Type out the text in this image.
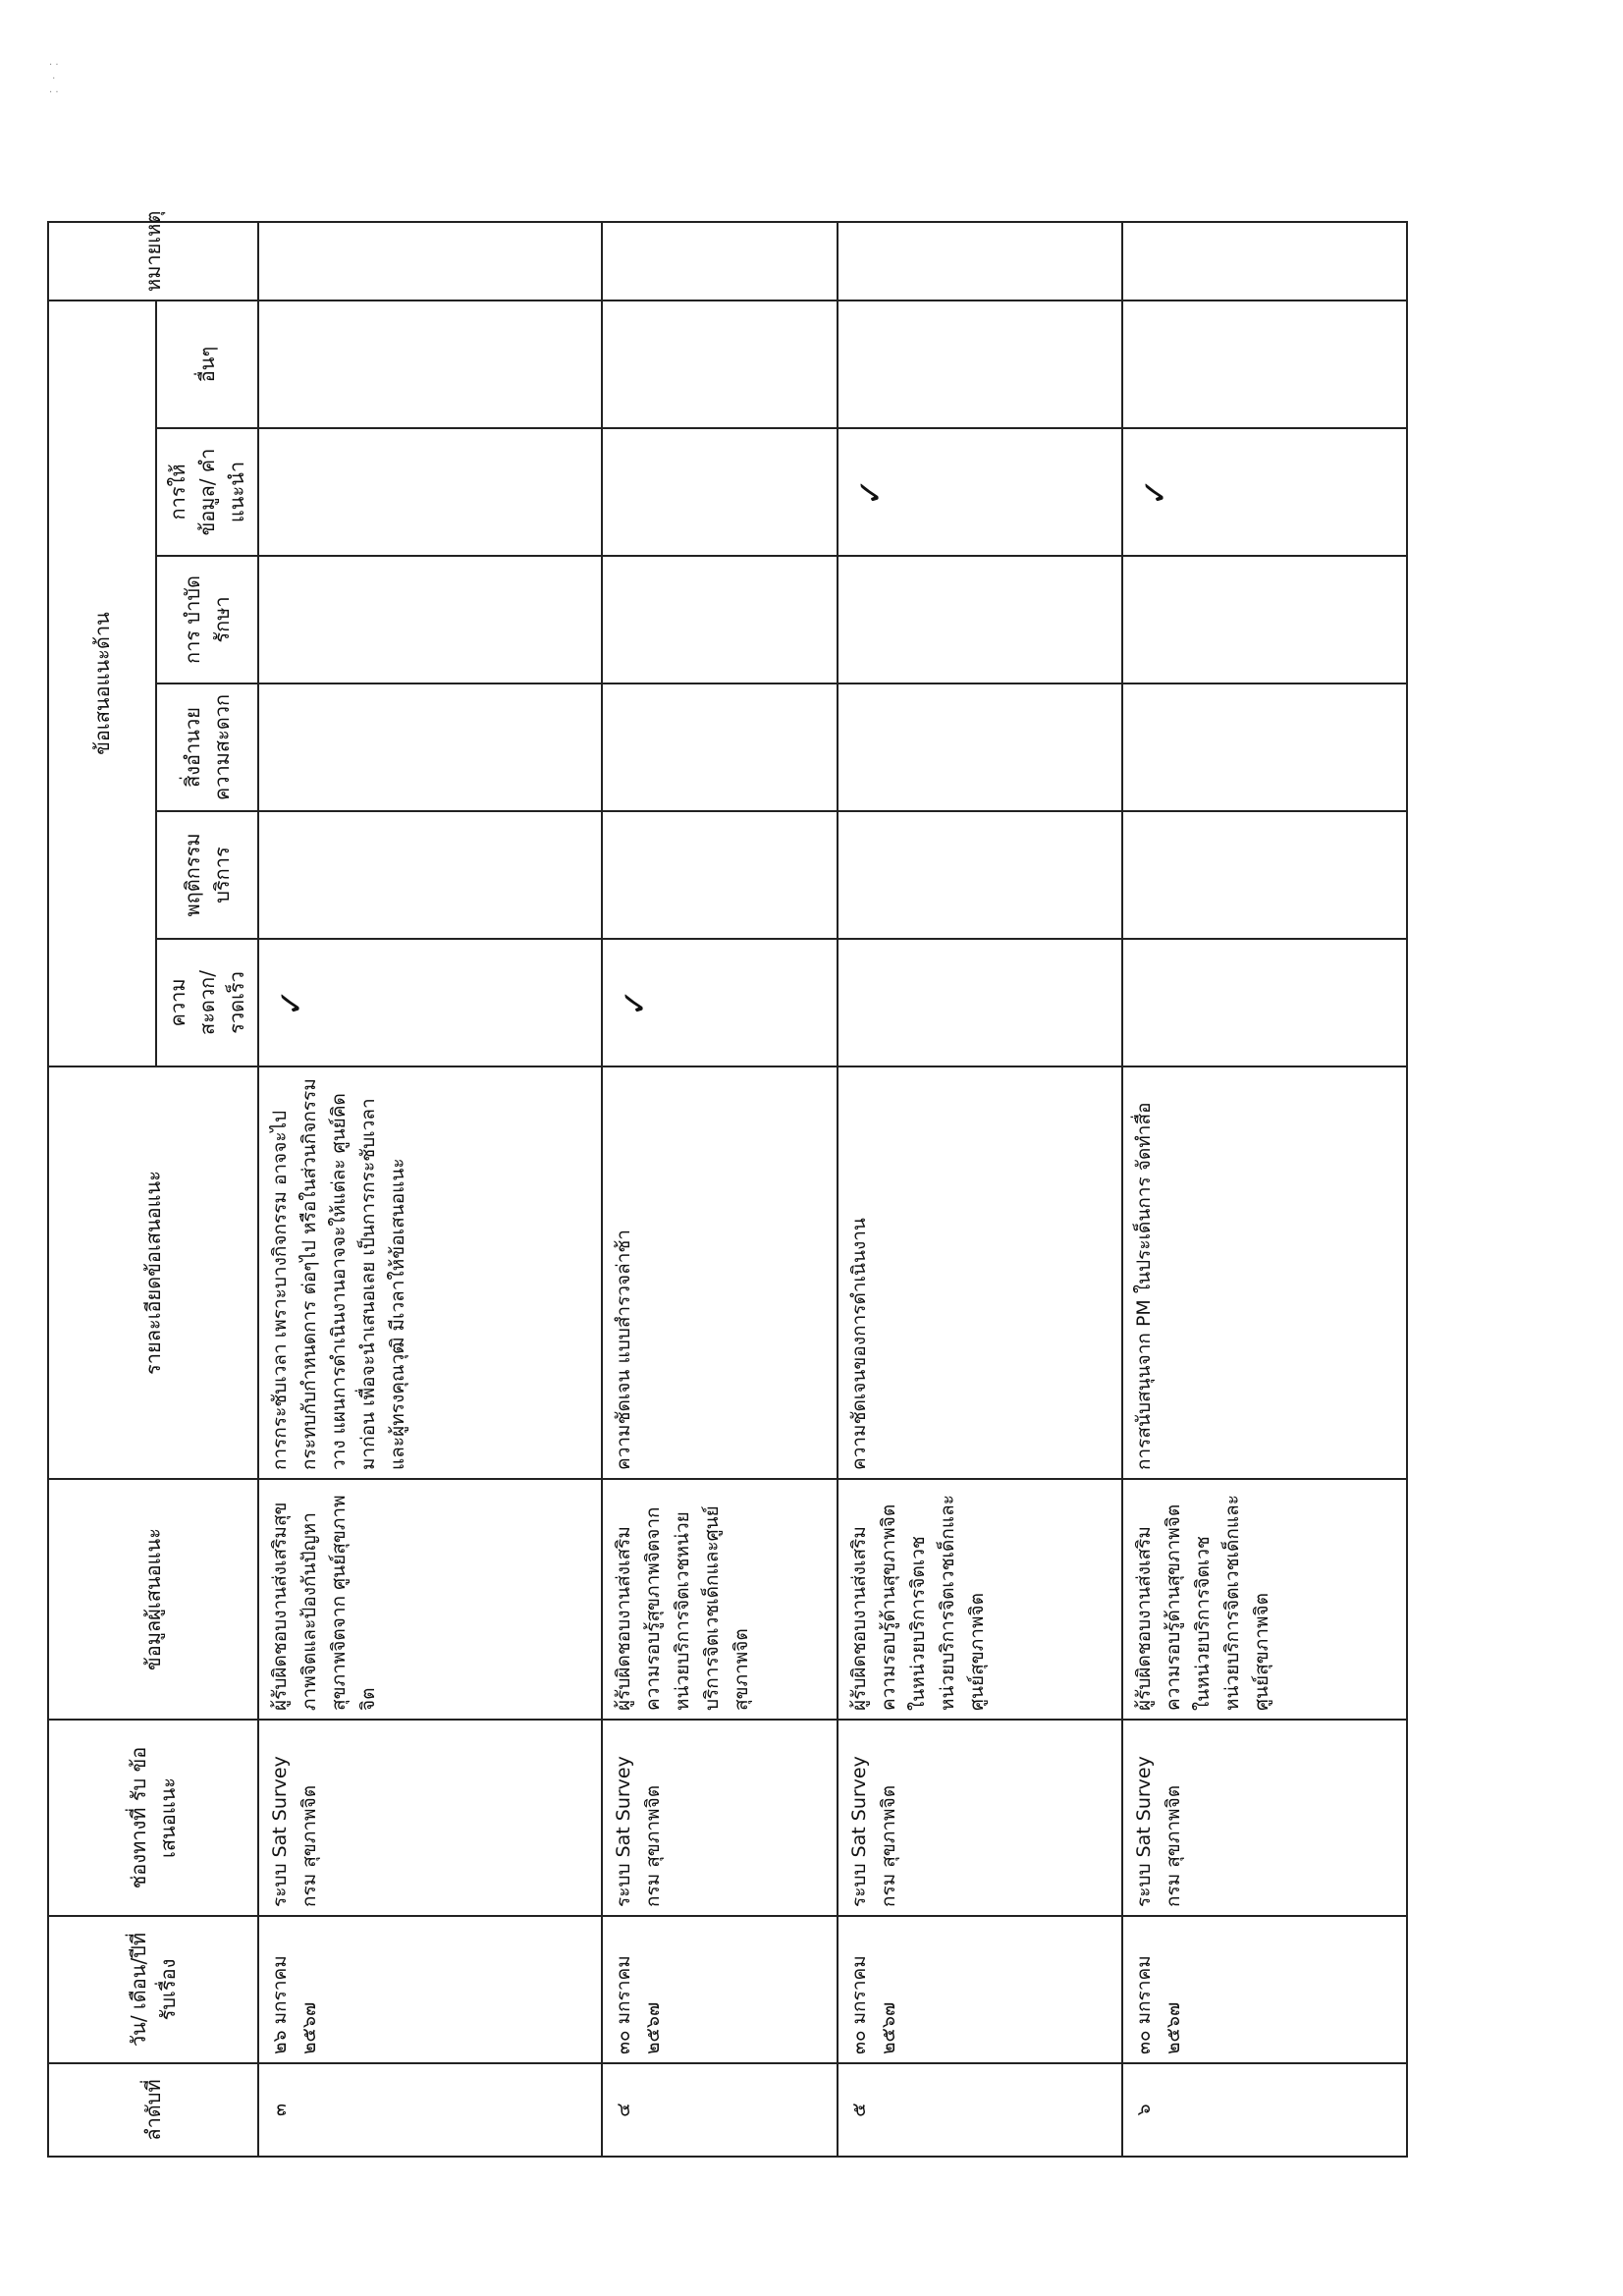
· ·
·
· ·
ลำดับที่	วัน/ เดือน/ปีที่ รับเรื่อง	ช่องทางที่ รับ ข้อเสนอแนะ	ข้อมูลผู้เสนอแนะ	รายละเอียดข้อเสนอแนะ	ข้อเสนอแนะด้าน						หมายเหตุ
					ความ สะดวก/ รวดเร็ว	พฤติกรรม บริการ	สิ่งอำนวย ความสะดวก	การ บำบัดรักษา	การให้ ข้อมูล/ คำแนะนำ	อื่นๆ	
๓	๒๖ มกราคม ๒๕๖๗	ระบบ Sat Survey กรม สุขภาพจิต	ผู้รับผิดชอบงานส่งเสริมสุขภาพจิตและป้องกันปัญหาสุขภาพจิตจาก ศูนย์สุขภาพจิต	การกระชับเวลา เพราะบางกิจกรรม อาจจะไปกระทบกับกำหนดการ ต่อๆไป หรือในส่วนกิจกรรมวาง แผนการดำเนินงานอาจจะให้แต่ละ ศูนย์คิดมาก่อน เพื่อจะนำเสนอเลย เป็นการกระชับเวลาและผู้ทรงคุณวุฒิ มีเวลาให้ข้อเสนอแนะ	✓						
๔	๓๐ มกราคม ๒๕๖๗	ระบบ Sat Survey กรม สุขภาพจิต	ผู้รับผิดชอบงานส่งเสริมความรอบรู้สุขภาพจิตจากหน่วยบริการจิตเวชหน่วยบริการจิตเวชเด็กและศูนย์สุขภาพจิต	ความชัดเจน แบบสำรวจล่าช้า	✓						
๕	๓๐ มกราคม ๒๕๖๗	ระบบ Sat Survey กรม สุขภาพจิต	ผู้รับผิดชอบงานส่งเสริมความรอบรู้ด้านสุขภาพจิตในหน่วยบริการจิตเวช หน่วยบริการจิตเวชเด็กและศูนย์สุขภาพจิต	ความชัดเจนของการดำเนินงาน					✓		
๖	๓๐ มกราคม ๒๕๖๗	ระบบ Sat Survey กรม สุขภาพจิต	ผู้รับผิดชอบงานส่งเสริมความรอบรู้ด้านสุขภาพจิตในหน่วยบริการจิตเวช หน่วยบริการจิตเวชเด็กและศูนย์สุขภาพจิต	การสนับสนุนจาก PM ในประเด็นการ จัดทำสื่อ					✓		
